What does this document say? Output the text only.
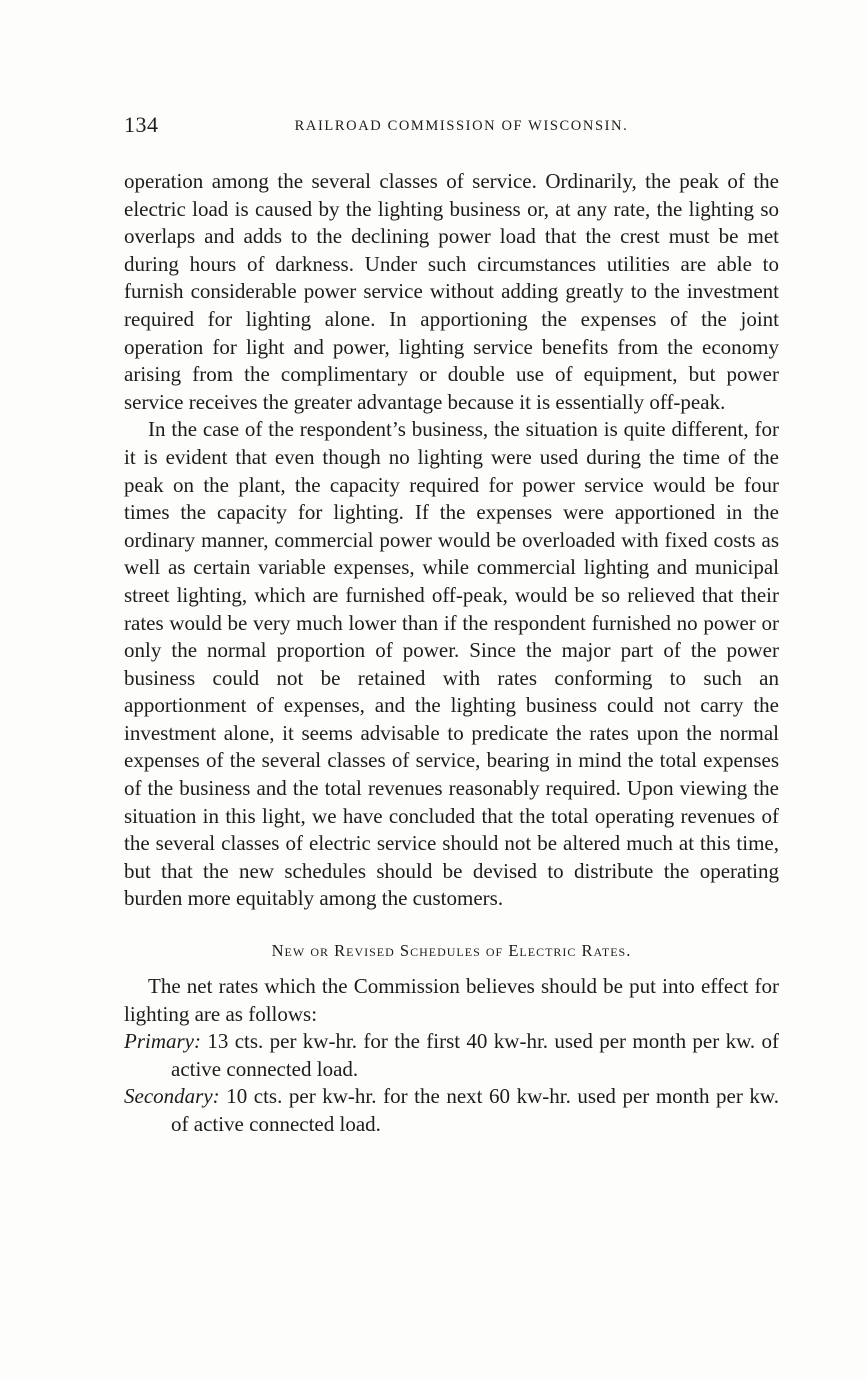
134	RAILROAD COMMISSION OF WISCONSIN.

operation among the several classes of service. Ordinarily, the peak of the electric load is caused by the lighting business or, at any rate, the lighting so overlaps and adds to the declining power load that the crest must be met during hours of darkness. Under such circumstances utilities are able to furnish considerable power service without adding greatly to the investment required for lighting alone. In apportioning the expenses of the joint operation for light and power, lighting service benefits from the economy arising from the complimentary or double use of equipment, but power service receives the greater advantage because it is essentially off-peak.

In the case of the respondent’s business, the situation is quite different, for it is evident that even though no lighting were used during the time of the peak on the plant, the capacity required for power service would be four times the capacity for lighting. If the expenses were apportioned in the ordinary manner, commercial power would be overloaded with fixed costs as well as certain variable expenses, while commercial lighting and municipal street lighting, which are furnished off-peak, would be so relieved that their rates would be very much lower than if the respondent furnished no power or only the normal proportion of power. Since the major part of the power business could not be retained with rates conforming to such an apportionment of expenses, and the lighting business could not carry the investment alone, it seems advisable to predicate the rates upon the normal expenses of the several classes of service, bearing in mind the total expenses of the business and the total revenues reasonably required. Upon viewing the situation in this light, we have concluded that the total operating revenues of the several classes of electric service should not be altered much at this time, but that the new schedules should be devised to distribute the operating burden more equitably among the customers.

New or Revised Schedules of Electric Rates.

The net rates which the Commission believes should be put into effect for lighting are as follows:

Primary: 13 cts. per kw-hr. for the first 40 kw-hr. used per month per kw. of active connected load.

Secondary: 10 cts. per kw-hr. for the next 60 kw-hr. used per month per kw. of active connected load.
